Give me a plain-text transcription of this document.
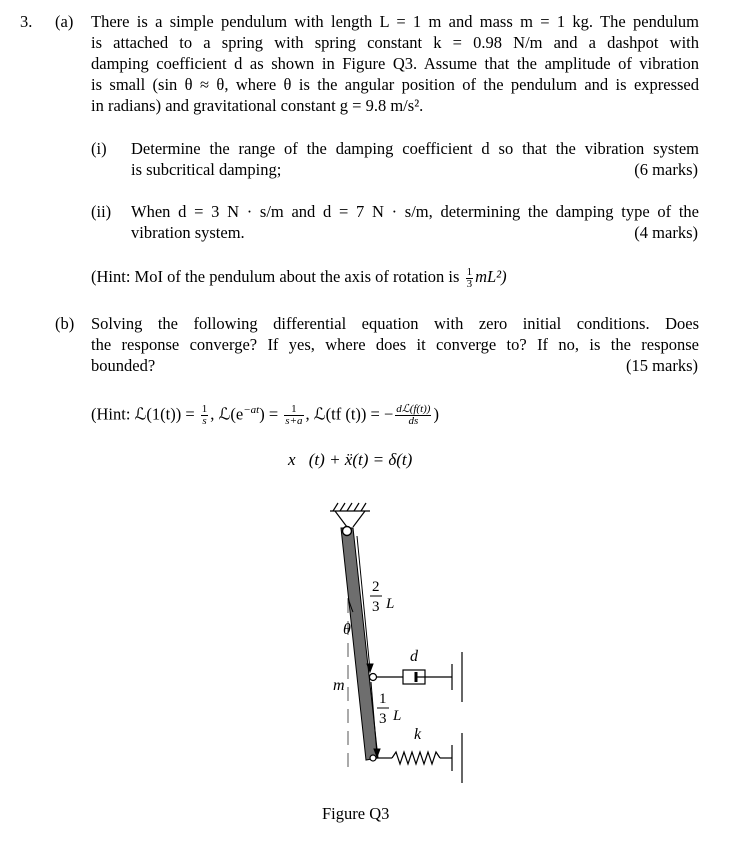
3. (a) There is a simple pendulum with length L = 1 m and mass m = 1 kg. The pendulum
is attached to a spring with spring constant k = 0.98 N/m and a dashpot with
damping coefficient d as shown in Figure Q3. Assume that the amplitude of vibration
is small (sin θ ≈ θ, where θ is the angular position of the pendulum and is expressed
in radians) and gravitational constant g = 9.8 m/s².
(i) Determine the range of the damping coefficient d so that the vibration system
is subcritical damping;	(6 marks)
(ii) When d = 3 N · s/m and d = 7 N · s/m, determining the damping type of the
vibration system.	(4 marks)
(Hint: MoI of the pendulum about the axis of rotation is $\frac{1}{3} mL^2$)
(b) Solving the following differential equation with zero initial conditions. Does
the response converge? If yes, where does it converge to? If no, is the response
bounded?	(15 marks)
(Hint: ℒ(1(t)) = $\frac{1}{s}$ , $ℒ(e^{-at}) = \frac{1}{s+a}$ , ℒ(tf (t)) = − $\frac{\text{dℒ(f(t))}}{ds}$ )
x⃛(t) + ẍ(t) = δ(t)
2
3 L
θ
d
m
1
3 L
k
Figure Q3
